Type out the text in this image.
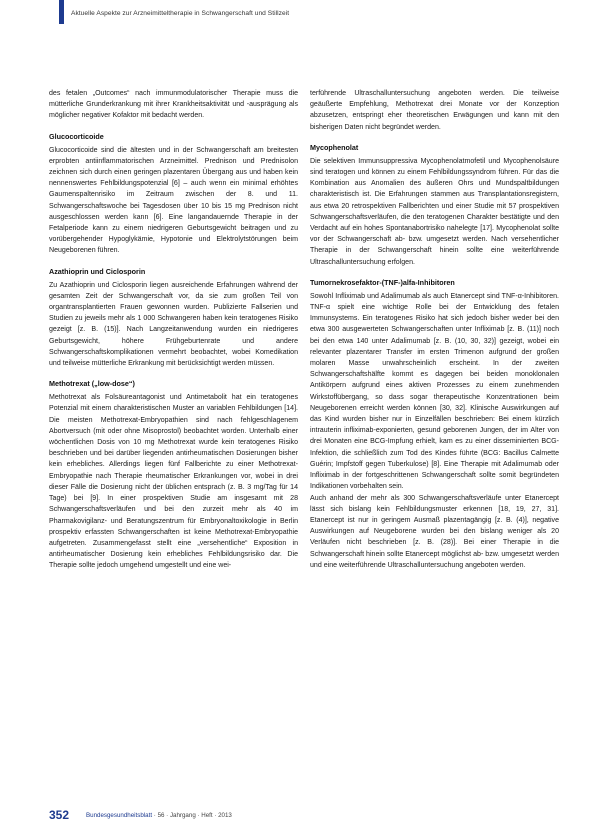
Aktuelle Aspekte zur Arzneimitteltherapie in Schwangerschaft und Stillzeit

des fetalen „Outcomes“ nach immunmodulatorischer Therapie muss die mütterliche Grunderkrankung mit ihrer Krankheitsaktivität und -ausprägung als möglicher negativer Kofaktor mit bedacht werden.

Glucocorticoide

Glucocorticoide sind die ältesten und in der Schwangerschaft am breitesten erprobten antiinflammatorischen Arzneimittel. Prednison und Prednisolon zeichnen sich durch einen geringen plazentaren Übergang aus und haben kein nennenswertes Fehlbildungspotenzial [6] – auch wenn ein minimal erhöhtes Gaumenspaltenrisiko im Zeitraum zwischen der 8. und 11. Schwangerschaftswoche bei Tagesdosen über 10 bis 15 mg Prednison nicht ausgeschlossen werden kann [6]. Eine langandauernde Therapie in der Fetalperiode kann zu einem niedrigeren Geburtsgewicht beitragen und zu vorübergehender Hypoglykämie, Hypotonie und Elektrolytstörungen beim Neugeborenen führen.

Azathioprin und Ciclosporin

Zu Azathioprin und Ciclosporin liegen ausreichende Erfahrungen während der gesamten Zeit der Schwangerschaft vor, da sie zum großen Teil von organtransplantierten Frauen gewonnen wurden. Publizierte Fallserien und Studien zu jeweils mehr als 1 000 Schwangeren haben kein teratogenes Risiko gezeigt [z. B. (15)]. Nach Langzeitanwendung wurden ein niedrigeres Geburtsgewicht, höhere Frühgeburtenrate und andere Schwangerschaftskomplikationen vermehrt beobachtet, wobei Komedikation und teilweise mütterliche Erkrankung mit berücksichtigt werden müssen.

Methotrexat („low-dose“)

Methotrexat als Folsäureantagonist und Antimetabolit hat ein teratogenes Potenzial mit einem charakteristischen Muster an variablen Fehlbildungen [14]. Die meisten Methotrexat-Embryopathien sind nach fehlgeschlagenem Abortversuch (mit oder ohne Misoprostol) beobachtet worden. Unterhalb einer wöchentlichen Dosis von 10 mg Methotrexat wurde kein teratogenes Risiko beschrieben und bei darüber liegenden antirheumatischen Dosierungen bisher kein erhebliches. Allerdings liegen fünf Fallberichte zu einer Methotrexat-Embryopathie nach Therapie rheumatischer Erkrankungen vor, wobei in drei dieser Fälle die Dosierung nicht der üblichen entsprach (z. B. 3 mg/Tag für 14 Tage) bei [9]. In einer prospektiven Studie am insgesamt mit 28 Schwangerschaftsverläufen und bei den zurzeit mehr als 40 im Pharmakovigilanz- und Beratungszentrum für Embryonaltoxikologie in Berlin prospektiv erfassten Schwangerschaften ist keine Methotrexat-Embryopathie aufgetreten. Zusammengefasst stellt eine „versehentliche“ Exposition in antirheumatischer Dosierung kein erhebliches Fehlbildungsrisiko dar. Die Therapie sollte jedoch umgehend umgestellt und eine wei-

terführende Ultraschalluntersuchung angeboten werden. Die teilweise geäußerte Empfehlung, Methotrexat drei Monate vor der Konzeption abzusetzen, entspringt eher theoretischen Erwägungen und kann mit den bisherigen Daten nicht begründet werden.

Mycophenolat

Die selektiven Immunsuppressiva Mycophenolatmofetil und Mycophenolsäure sind teratogen und können zu einem Fehlbildungssyndrom führen. Für das die Kombination aus Anomalien des äußeren Ohrs und Mundspaltbildungen charakteristisch ist. Die Erfahrungen stammen aus Transplantationsregistern, aus etwa 20 retrospektiven Fallberichten und einer Studie mit 57 prospektiven Schwangerschaftsverläufen, die den teratogenen Charakter bestätigte und den Verdacht auf ein hohes Spontanabortrisiko nahelegte [17]. Mycophenolat sollte vor der Schwangerschaft ab- bzw. umgesetzt werden. Nach versehentlicher Therapie in der Schwangerschaft hinein sollte eine weiterführende Ultraschalluntersuchung erfolgen.

Tumornekrosefaktor-(TNF-)alfa-Inhibitoren

Sowohl Infliximab und Adalimumab als auch Etanercept sind TNF-α-Inhibitoren. TNF-α spielt eine wichtige Rolle bei der Entwicklung des fetalen Immunsystems. Ein teratogenes Risiko hat sich jedoch bisher weder bei den etwa 300 ausgewerteten Schwangerschaften unter Infliximab [z. B. (11)] noch bei den etwa 140 unter Adalimumab [z. B. (10, 30, 32)] gezeigt, wobei ein relevanter plazentarer Transfer im ersten Trimenon aufgrund der großen molaren Masse unwahrscheinlich erscheint. In der zweiten Schwangerschaftshälfte kommt es dagegen bei beiden monoklonalen Antikörpern aufgrund eines aktiven Prozesses zu einem zunehmenden Wirkstoffübergang, so dass sogar therapeutische Konzentrationen beim Neugeborenen erreicht werden können [30, 32]. Klinische Auswirkungen auf das Kind wurden bisher nur in Einzelfällen beschrieben: Bei einem kürzlich intrauterin infliximab-exponierten, gesund geborenen Jungen, der im Alter von drei Monaten eine BCG-Impfung erhielt, kam es zu einer disseminierten BCG-Infektion, die schließlich zum Tod des Kindes führte (BCG: Bacillus Calmette Guérin; Impfstoff gegen Tuberkulose) [8]. Eine Therapie mit Adalimumab oder Infliximab in der fortgeschrittenen Schwangerschaft sollte somit begründeten Indikationen vorbehalten sein.

Auch anhand der mehr als 300 Schwangerschaftsverläufe unter Etanercept lässt sich bislang kein Fehlbildungsmuster erkennen [18, 19, 27, 31]. Etanercept ist nur in geringem Ausmaß plazentagängig [z. B. (4)], negative Auswirkungen auf Neugeborene wurden bei den bislang weniger als 20 Verläufen nicht beschrieben [z. B. (28)]. Bei einer Therapie in die Schwangerschaft hinein sollte Etanercept möglichst ab- bzw. umgesetzt werden und eine weiterführende Ultraschalluntersuchung angeboten werden.

352	Bundesgesundheitsblatt · 56 · Jahrgang · Heft · 2013
